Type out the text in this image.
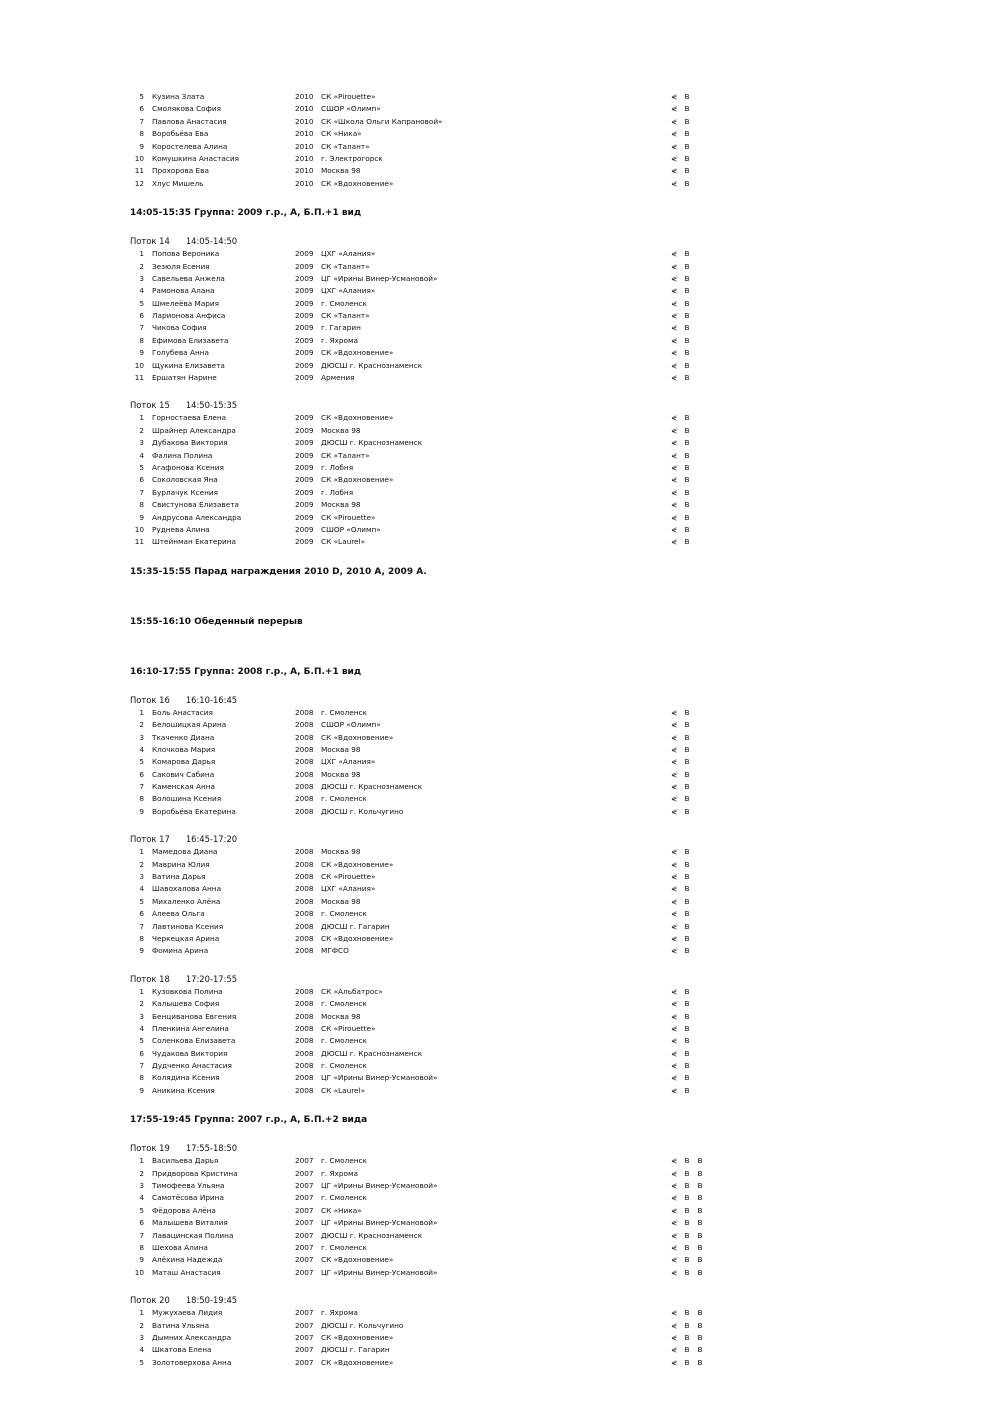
5 Кузина Злата	2010 СК «Pirouette»	⋞ В
6 Смолякова София	2010 СШОР «Олимп»	⋞ В
7 Павлова Анастасия	2010 СК «Школа Ольги Капрановой»	⋞ В
8 Воробьёва Ева	2010 СК «Ника»	⋞ В
9 Коростелева Алина	2010 СК «Талант»	⋞ В
10 Комушкина Анастасия	2010 г. Электрогорск	⋞ В
11 Прохорова Ева	2010 Москва 98	⋞ В
12 Хлус Мишель	2010 СК «Вдохновение»	⋞ В
14:05-15:35 Группа: 2009 г.р., А, Б.П.+1 вид
Поток 14 14:05-14:50
1 Попова Вероника	2009 ЦХГ «Алания»	⋞ В
2 Зезюля Есения	2009 СК «Талант»	⋞ В
3 Савельева Анжела	2009 ЦГ «Ирины Винер-Усмановой»	⋞ В
4 Рамонова Алана	2009 ЦХГ «Алания»	⋞ В
5 Шмелеёва Мария	2009 г. Смоленск	⋞ В
6 Ларионова Анфиса	2009 СК «Талант»	⋞ В
7 Чикова София	2009 г. Гагарин	⋞ В
8 Ефимова Елизавета	2009 г. Яхрома	⋞ В
9 Голубева Анна	2009 СК «Вдохновение»	⋞ В
10 Щукина Елизавета	2009 ДЮСШ г. Краснознаменск	⋞ В
11 Ершатян Нарине	2009 Армения	⋞ В
Поток 15 14:50-15:35
1 Горностаева Елена	2009 СК «Вдохновение»	⋞ В
2 Шрайнер Александра	2009 Москва 98	⋞ В
3 Дубакова Виктория	2009 ДЮСШ г. Краснознаменск	⋞ В
4 Фалина Полина	2009 СК «Талант»	⋞ В
5 Агафонова Ксения	2009 г. Лобня	⋞ В
6 Соколовская Яна	2009 СК «Вдохновение»	⋞ В
7 Бурлачук Ксения	2009 г. Лобня	⋞ В
8 Свистунова Елизавета	2009 Москва 98	⋞ В
9 Андрусова Александра	2009 СК «Pirouette»	⋞ В
10 Руднева Алина	2009 СШОР «Олимп»	⋞ В
11 Штейнман Екатерина	2009 СК «Laurel»	⋞ В
15:35-15:55 Парад награждения 2010 D, 2010 A, 2009 A.
15:55-16:10 Обеденный перерыв
16:10-17:55 Группа: 2008 г.р., А, Б.П.+1 вид
Поток 16 16:10-16:45
1 Боль Анастасия	2008 г. Смоленск	⋞ В
2 Белошицкая Арина	2008 СШОР «Олимп»	⋞ В
3 Ткаченко Диана	2008 СК «Вдохновение»	⋞ В
4 Клочкова Мария	2008 Москва 98	⋞ В
5 Комарова Дарья	2008 ЦХГ «Алания»	⋞ В
6 Сакович Сабина	2008 Москва 98	⋞ В
7 Каменская Анна	2008 ДЮСШ г. Краснознаменск	⋞ В
8 Волошина Ксения	2008 г. Смоленск	⋞ В
9 Воробьёва Екатерина	2008 ДЮСШ г. Кольчугино	⋞ В
Поток 17 16:45-17:20
1 Мамедова Диана	2008 Москва 98	⋞ В
2 Маврина Юлия	2008 СК «Вдохновение»	⋞ В
3 Ватина Дарья	2008 СК «Pirouette»	⋞ В
4 Шавохалова Анна	2008 ЦХГ «Алания»	⋞ В
5 Михаленко Алёна	2008 Москва 98	⋞ В
6 Алеева Ольга	2008 г. Смоленск	⋞ В
7 Лавтинова Ксения	2008 ДЮСШ г. Гагарин	⋞ В
8 Черкецкая Арина	2008 СК «Вдохновение»	⋞ В
9 Фомина Арина	2008 МГФСО	⋞ В
Поток 18 17:20-17:55
1 Кузовкова Полина	2008 СК «Альбатрос»	⋞ В
2 Калышева София	2008 г. Смоленск	⋞ В
3 Бенциванова Евгения	2008 Москва 98	⋞ В
4 Пленкина Ангелина	2008 СК «Pirouette»	⋞ В
5 Соленкова Елизавета	2008 г. Смоленск	⋞ В
6 Чудакова Виктория	2008 ДЮСШ г. Краснознаменск	⋞ В
7 Дудченко Анастасия	2008 г. Смоленск	⋞ В
8 Колядина Ксения	2008 ЦГ «Ирины Винер-Усмановой»	⋞ В
9 Аникина Ксения	2008 СК «Laurel»	⋞ В
17:55-19:45 Группа: 2007 г.р., А, Б.П.+2 вида
Поток 19 17:55-18:50
1 Васильева Дарья	2007 г. Смоленск	⋞ В В
2 Придворова Кристина	2007 г. Яхрома	⋞ В В
3 Тимофеева Ульяна	2007 ЦГ «Ирины Винер-Усмановой»	⋞ В В
4 Самотёсова Ирина	2007 г. Смоленск	⋞ В В
5 Фёдорова Алёна	2007 СК «Ника»	⋞ В В
6 Малышева Виталия	2007 ЦГ «Ирины Винер-Усмановой»	⋞ В В
7 Лавацинская Полина	2007 ДЮСШ г. Краснознаменск	⋞ В В
8 Шехова Алина	2007 г. Смоленск	⋞ В В
9 Алёхина Надежда	2007 СК «Вдохновение»	⋞ В В
10 Маташ Анастасия	2007 ЦГ «Ирины Винер-Усмановой»	⋞ В В
Поток 20 18:50-19:45
1 Мужухаева Лидия	2007 г. Яхрома	⋞ В В
2 Ватина Ульяна	2007 ДЮСШ г. Кольчугино	⋞ В В
3 Дымних Александра	2007 СК «Вдохновение»	⋞ В В
4 Шкатова Елена	2007 ДЮСШ г. Гагарин	⋞ В В
5 Золотоверхова Анна	2007 СК «Вдохновение»	⋞ В В
